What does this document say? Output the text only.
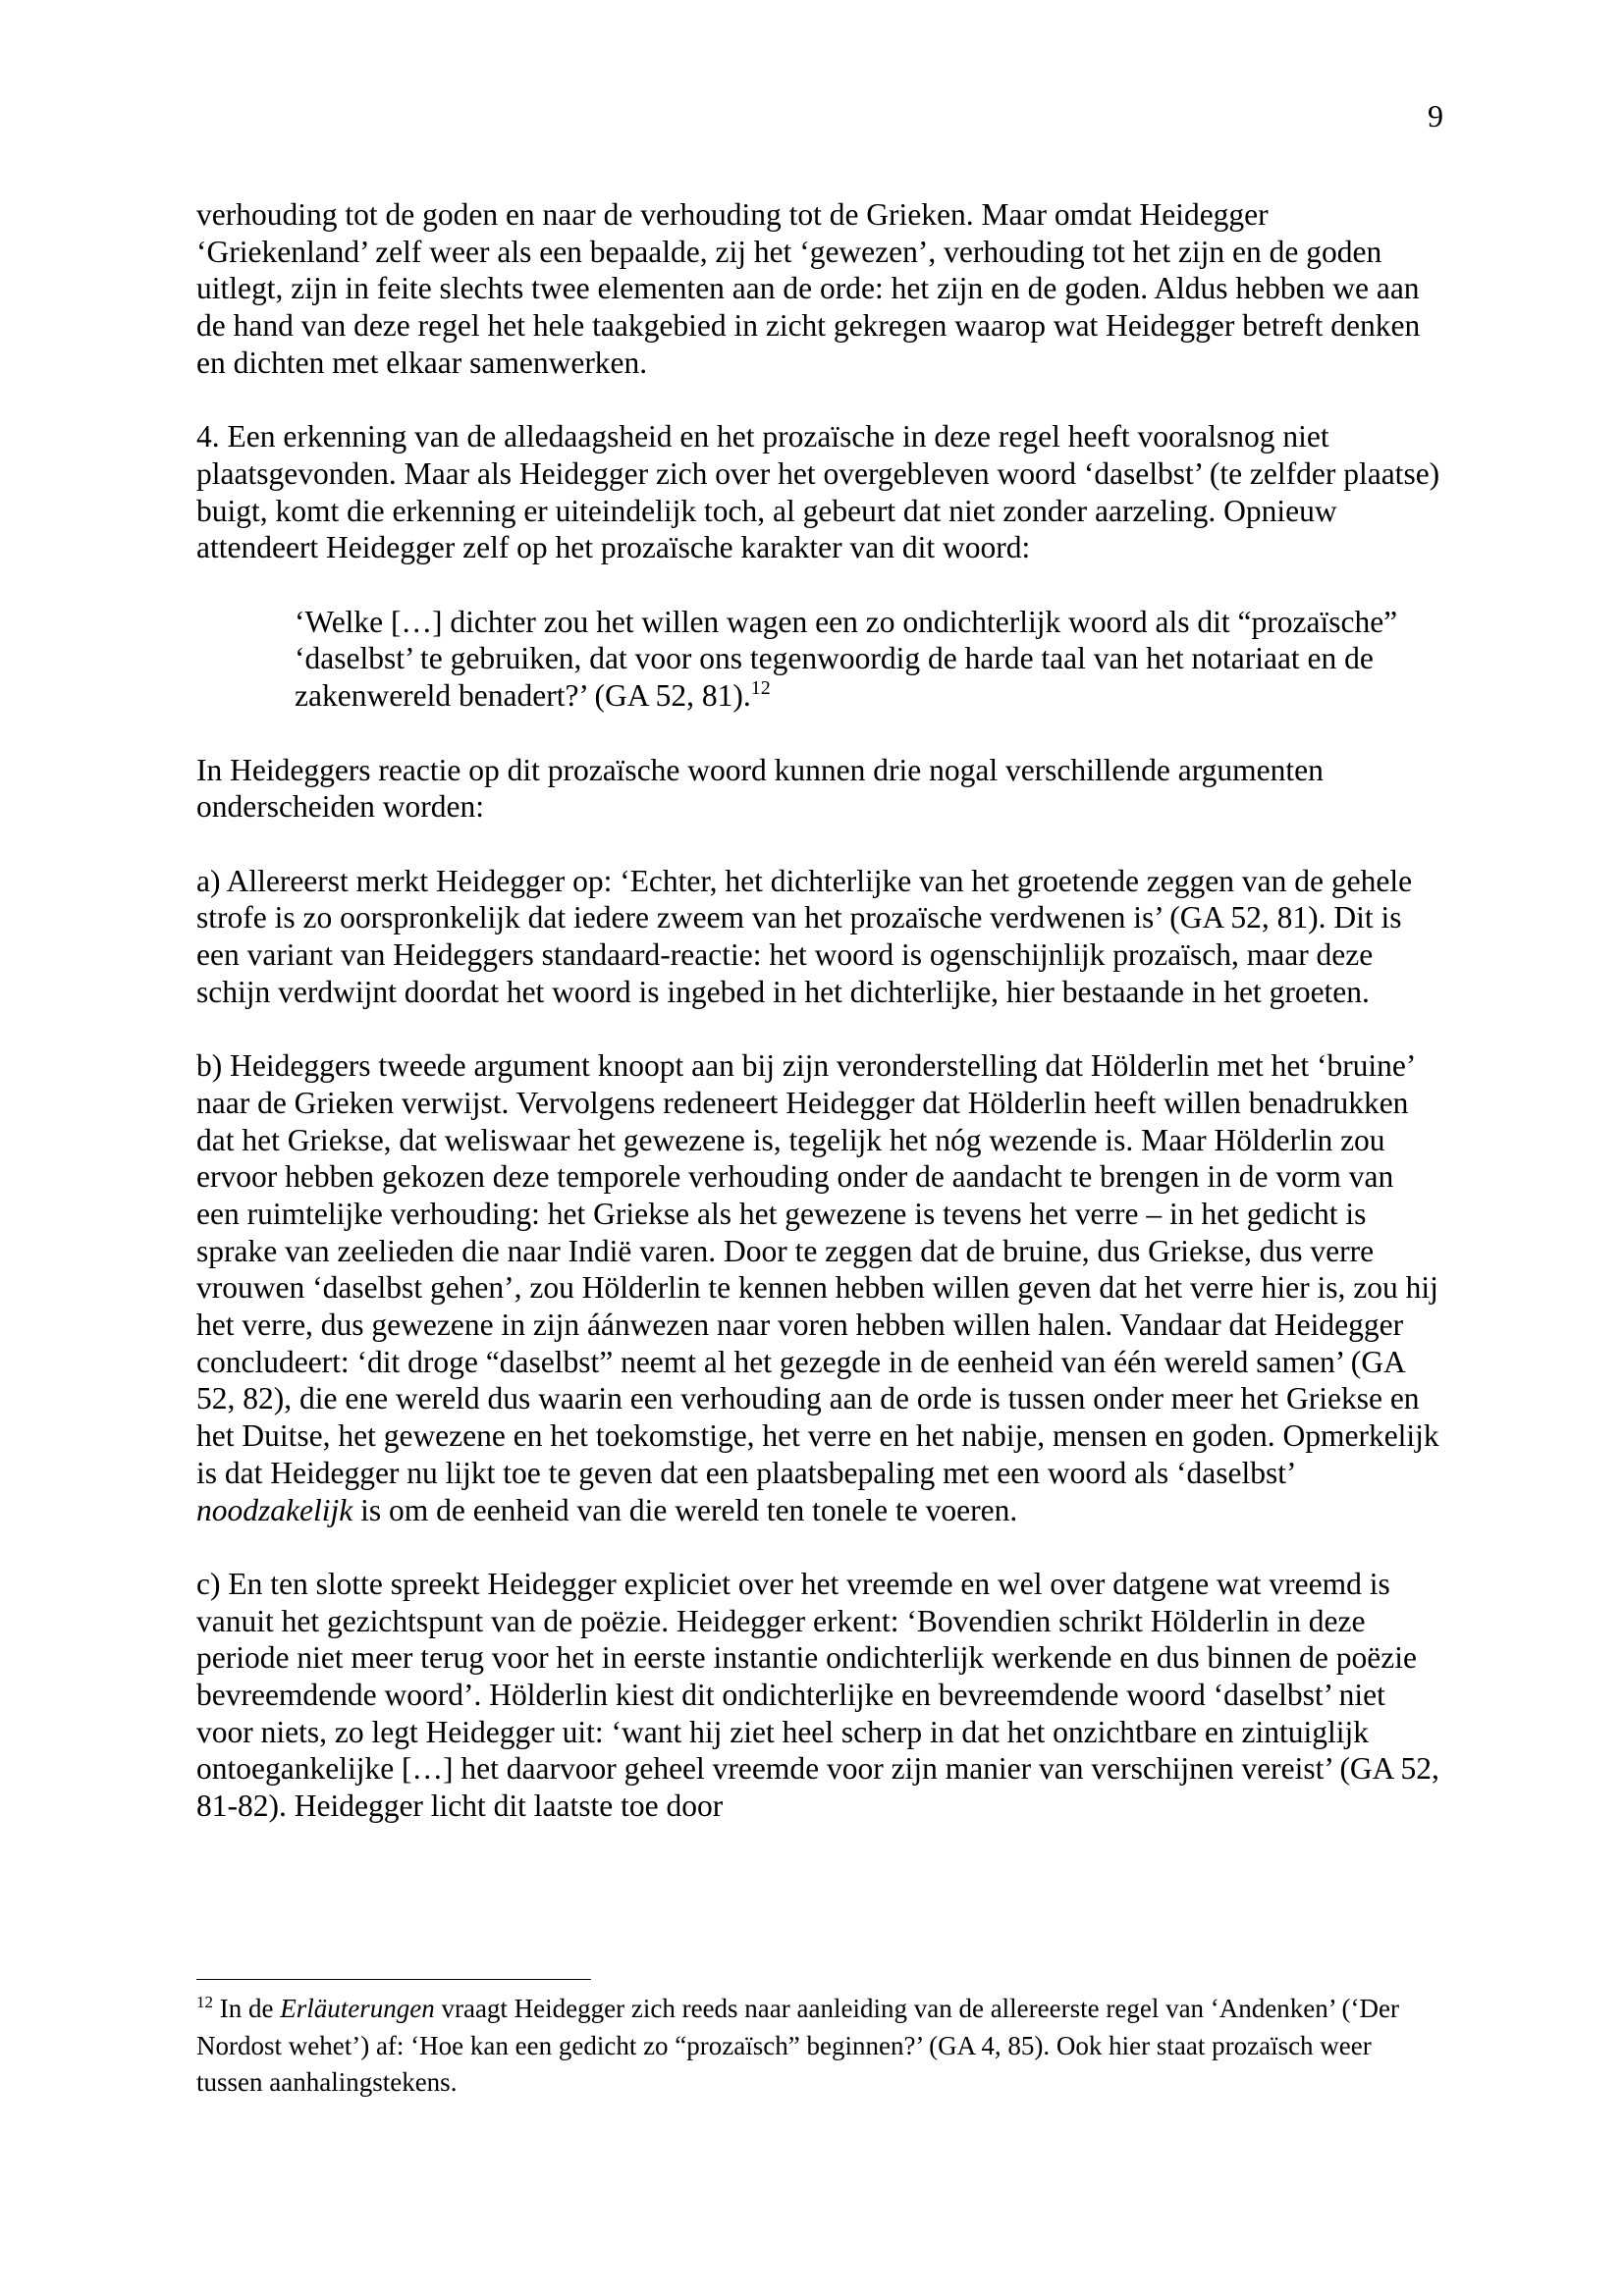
9

verhouding tot de goden en naar de verhouding tot de Grieken. Maar omdat Heidegger ‘Griekenland’ zelf weer als een bepaalde, zij het ‘gewezen’, verhouding tot het zijn en de goden uitlegt, zijn in feite slechts twee elementen aan de orde: het zijn en de goden. Aldus hebben we aan de hand van deze regel het hele taakgebied in zicht gekregen waarop wat Heidegger betreft denken en dichten met elkaar samenwerken.

4. Een erkenning van de alledaagsheid en het prozaïsche in deze regel heeft vooralsnog niet plaatsgevonden. Maar als Heidegger zich over het overgebleven woord ‘daselbst’ (te zelfder plaatse) buigt, komt die erkenning er uiteindelijk toch, al gebeurt dat niet zonder aarzeling. Opnieuw attendeert Heidegger zelf op het prozaïsche karakter van dit woord:

‘Welke […] dichter zou het willen wagen een zo ondichterlijk woord als dit “prozaïsche” ‘daselbst’ te gebruiken, dat voor ons tegenwoordig de harde taal van het notariaat en de zakenwereld benadert?’ (GA 52, 81).$^{12}$

In Heideggers reactie op dit prozaïsche woord kunnen drie nogal verschillende argumenten onderscheiden worden:

a) Allereerst merkt Heidegger op: ‘Echter, het dichterlijke van het groetende zeggen van de gehele strofe is zo oorspronkelijk dat iedere zweem van het prozaïsche verdwenen is’ (GA 52, 81). Dit is een variant van Heideggers standaard-reactie: het woord is ogenschijnlijk prozaïsch, maar deze schijn verdwijnt doordat het woord is ingebed in het dichterlijke, hier bestaande in het groeten.

b) Heideggers tweede argument knoopt aan bij zijn veronderstelling dat Hölderlin met het ‘bruine’ naar de Grieken verwijst. Vervolgens redeneert Heidegger dat Hölderlin heeft willen benadrukken dat het Griekse, dat weliswaar het gewezene is, tegelijk het nóg wezende is. Maar Hölderlin zou ervoor hebben gekozen deze temporele verhouding onder de aandacht te brengen in de vorm van een ruimtelijke verhouding: het Griekse als het gewezene is tevens het verre – in het gedicht is sprake van zeelieden die naar Indië varen. Door te zeggen dat de bruine, dus Griekse, dus verre vrouwen ‘daselbst gehen’, zou Hölderlin te kennen hebben willen geven dat het verre hier is, zou hij het verre, dus gewezene in zijn áánwezen naar voren hebben willen halen. Vandaar dat Heidegger concludeert: ‘dit droge “daselbst” neemt al het gezegde in de eenheid van één wereld samen’ (GA 52, 82), die ene wereld dus waarin een verhouding aan de orde is tussen onder meer het Griekse en het Duitse, het gewezene en het toekomstige, het verre en het nabije, mensen en goden. Opmerkelijk is dat Heidegger nu lijkt toe te geven dat een plaatsbepaling met een woord als ‘daselbst’ noodzakelijk is om de eenheid van die wereld ten tonele te voeren.

c) En ten slotte spreekt Heidegger expliciet over het vreemde en wel over datgene wat vreemd is vanuit het gezichtspunt van de poëzie. Heidegger erkent: ‘Bovendien schrikt Hölderlin in deze periode niet meer terug voor het in eerste instantie ondichterlijk werkende en dus binnen de poëzie bevreemdende woord’. Hölderlin kiest dit ondichterlijke en bevreemdende woord ‘daselbst’ niet voor niets, zo legt Heidegger uit: ‘want hij ziet heel scherp in dat het onzichtbare en zintuiglijk ontoegankelijke […] het daarvoor geheel vreemde voor zijn manier van verschijnen vereist’ (GA 52, 81-82). Heidegger licht dit laatste toe door

$^{12}$ In de Erläuterungen vraagt Heidegger zich reeds naar aanleiding van de allereerste regel van ‘Andenken’ (‘Der Nordost wehet’) af: ‘Hoe kan een gedicht zo “prozaïsch” beginnen?’ (GA 4, 85). Ook hier staat prozaïsch weer tussen aanhalingstekens.
